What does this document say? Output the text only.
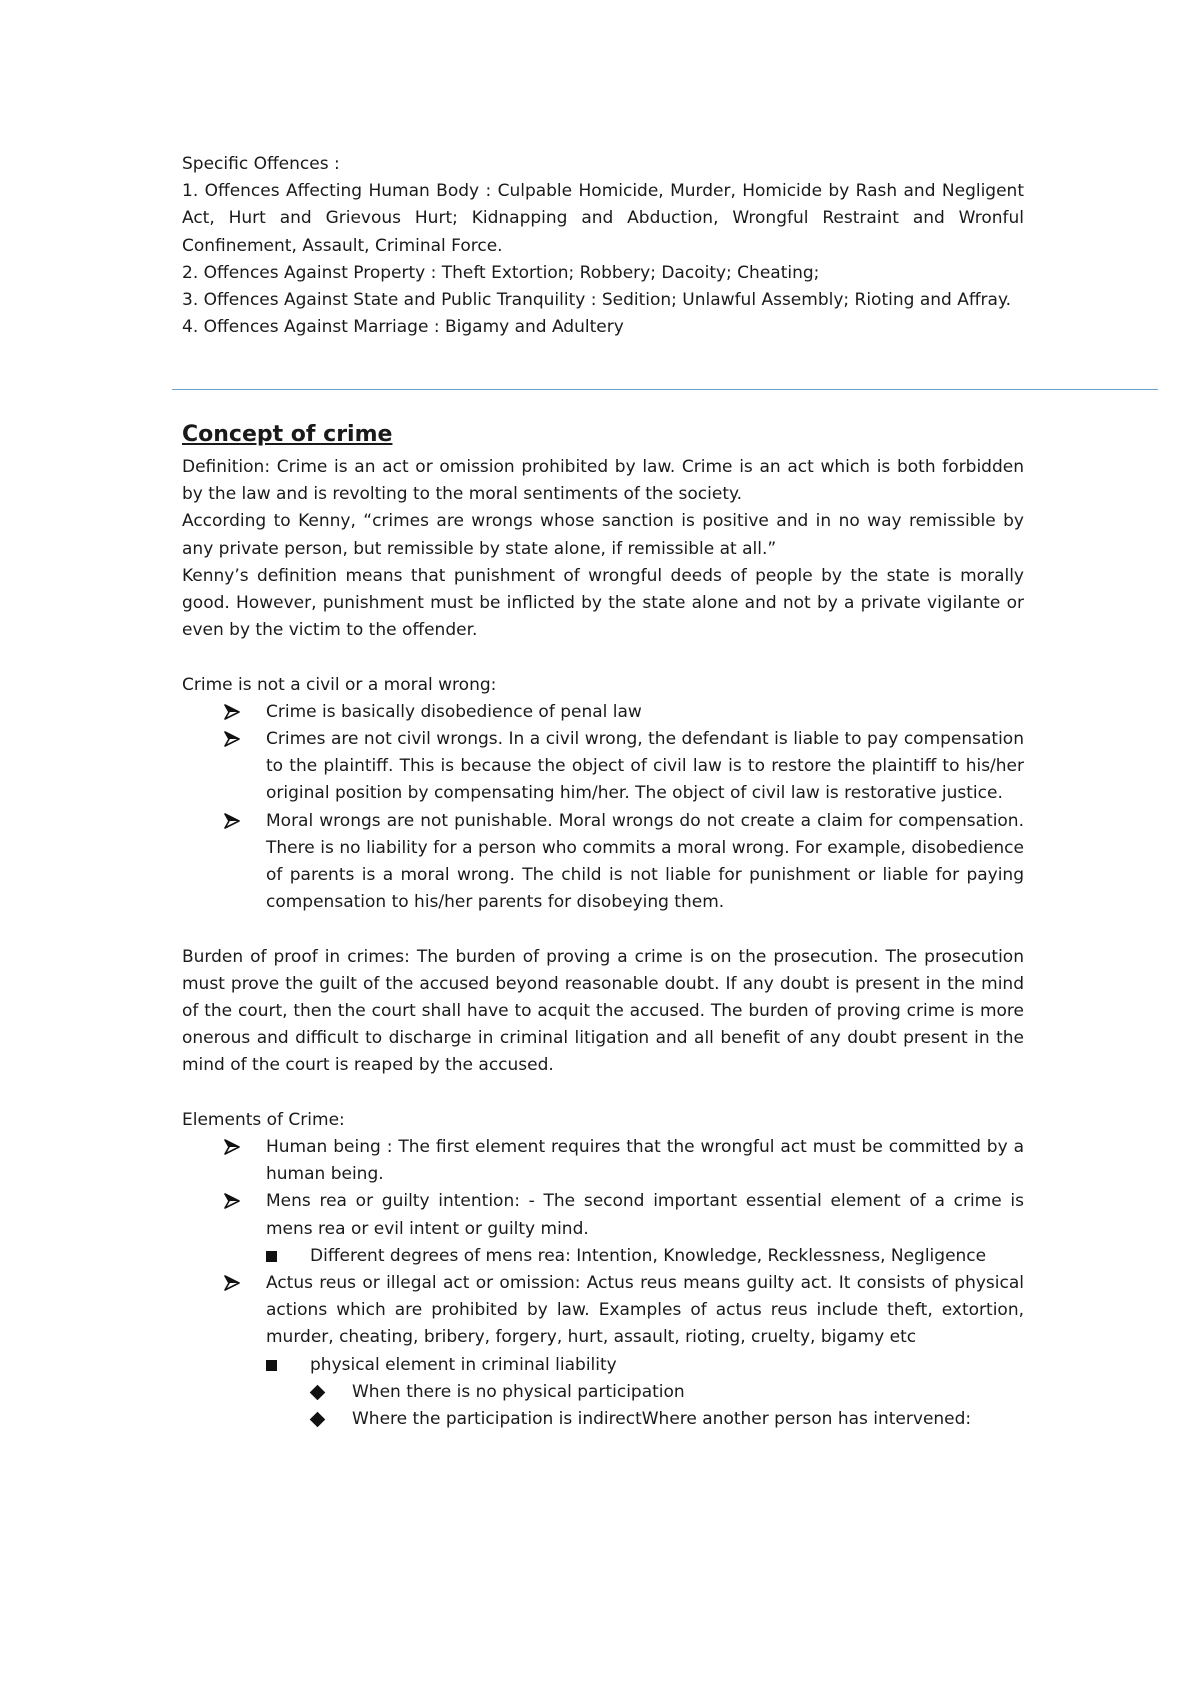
Specific Offences :

1. Offences Affecting Human Body : Culpable Homicide, Murder, Homicide by Rash and Negligent Act, Hurt and Grievous Hurt; Kidnapping and Abduction, Wrongful Restraint and Wronful Confinement, Assault, Criminal Force.

2. Offences Against Property : Theft Extortion; Robbery; Dacoity; Cheating;

3. Offences Against State and Public Tranquility : Sedition; Unlawful Assembly; Rioting and Affray.

4. Offences Against Marriage : Bigamy and Adultery

Concept of crime

Definition: Crime is an act or omission prohibited by law. Crime is an act which is both forbidden by the law and is revolting to the moral sentiments of the society.

According to Kenny, “crimes are wrongs whose sanction is positive and in no way remissible by any private person, but remissible by state alone, if remissible at all.”

Kenny’s definition means that punishment of wrongful deeds of people by the state is morally good. However, punishment must be inflicted by the state alone and not by a private vigilante or even by the victim to the offender.

Crime is not a civil or a moral wrong:

Crime is basically disobedience of penal law
Crimes are not civil wrongs. In a civil wrong, the defendant is liable to pay compensation to the plaintiff. This is because the object of civil law is to restore the plaintiff to his/her original position by compensating him/her. The object of civil law is restorative justice.
Moral wrongs are not punishable. Moral wrongs do not create a claim for compensation. There is no liability for a person who commits a moral wrong. For example, disobedience of parents is a moral wrong. The child is not liable for punishment or liable for paying compensation to his/her parents for disobeying them.

Burden of proof in crimes: The burden of proving a crime is on the prosecution. The prosecution must prove the guilt of the accused beyond reasonable doubt. If any doubt is present in the mind of the court, then the court shall have to acquit the accused. The burden of proving crime is more onerous and difficult to discharge in criminal litigation and all benefit of any doubt present in the mind of the court is reaped by the accused.

Elements of Crime:

Human being : The first element requires that the wrongful act must be committed by a human being.
Mens rea or guilty intention: - The second important essential element of a crime is mens rea or evil intent or guilty mind.
Different degrees of mens rea: Intention, Knowledge, Recklessness, Negligence
Actus reus or illegal act or omission: Actus reus means guilty act. It consists of physical actions which are prohibited by law. Examples of actus reus include theft, extortion, murder, cheating, bribery, forgery, hurt, assault, rioting, cruelty, bigamy etc
physical element in criminal liability
When there is no physical participation
Where the participation is indirectWhere another person has intervened:
